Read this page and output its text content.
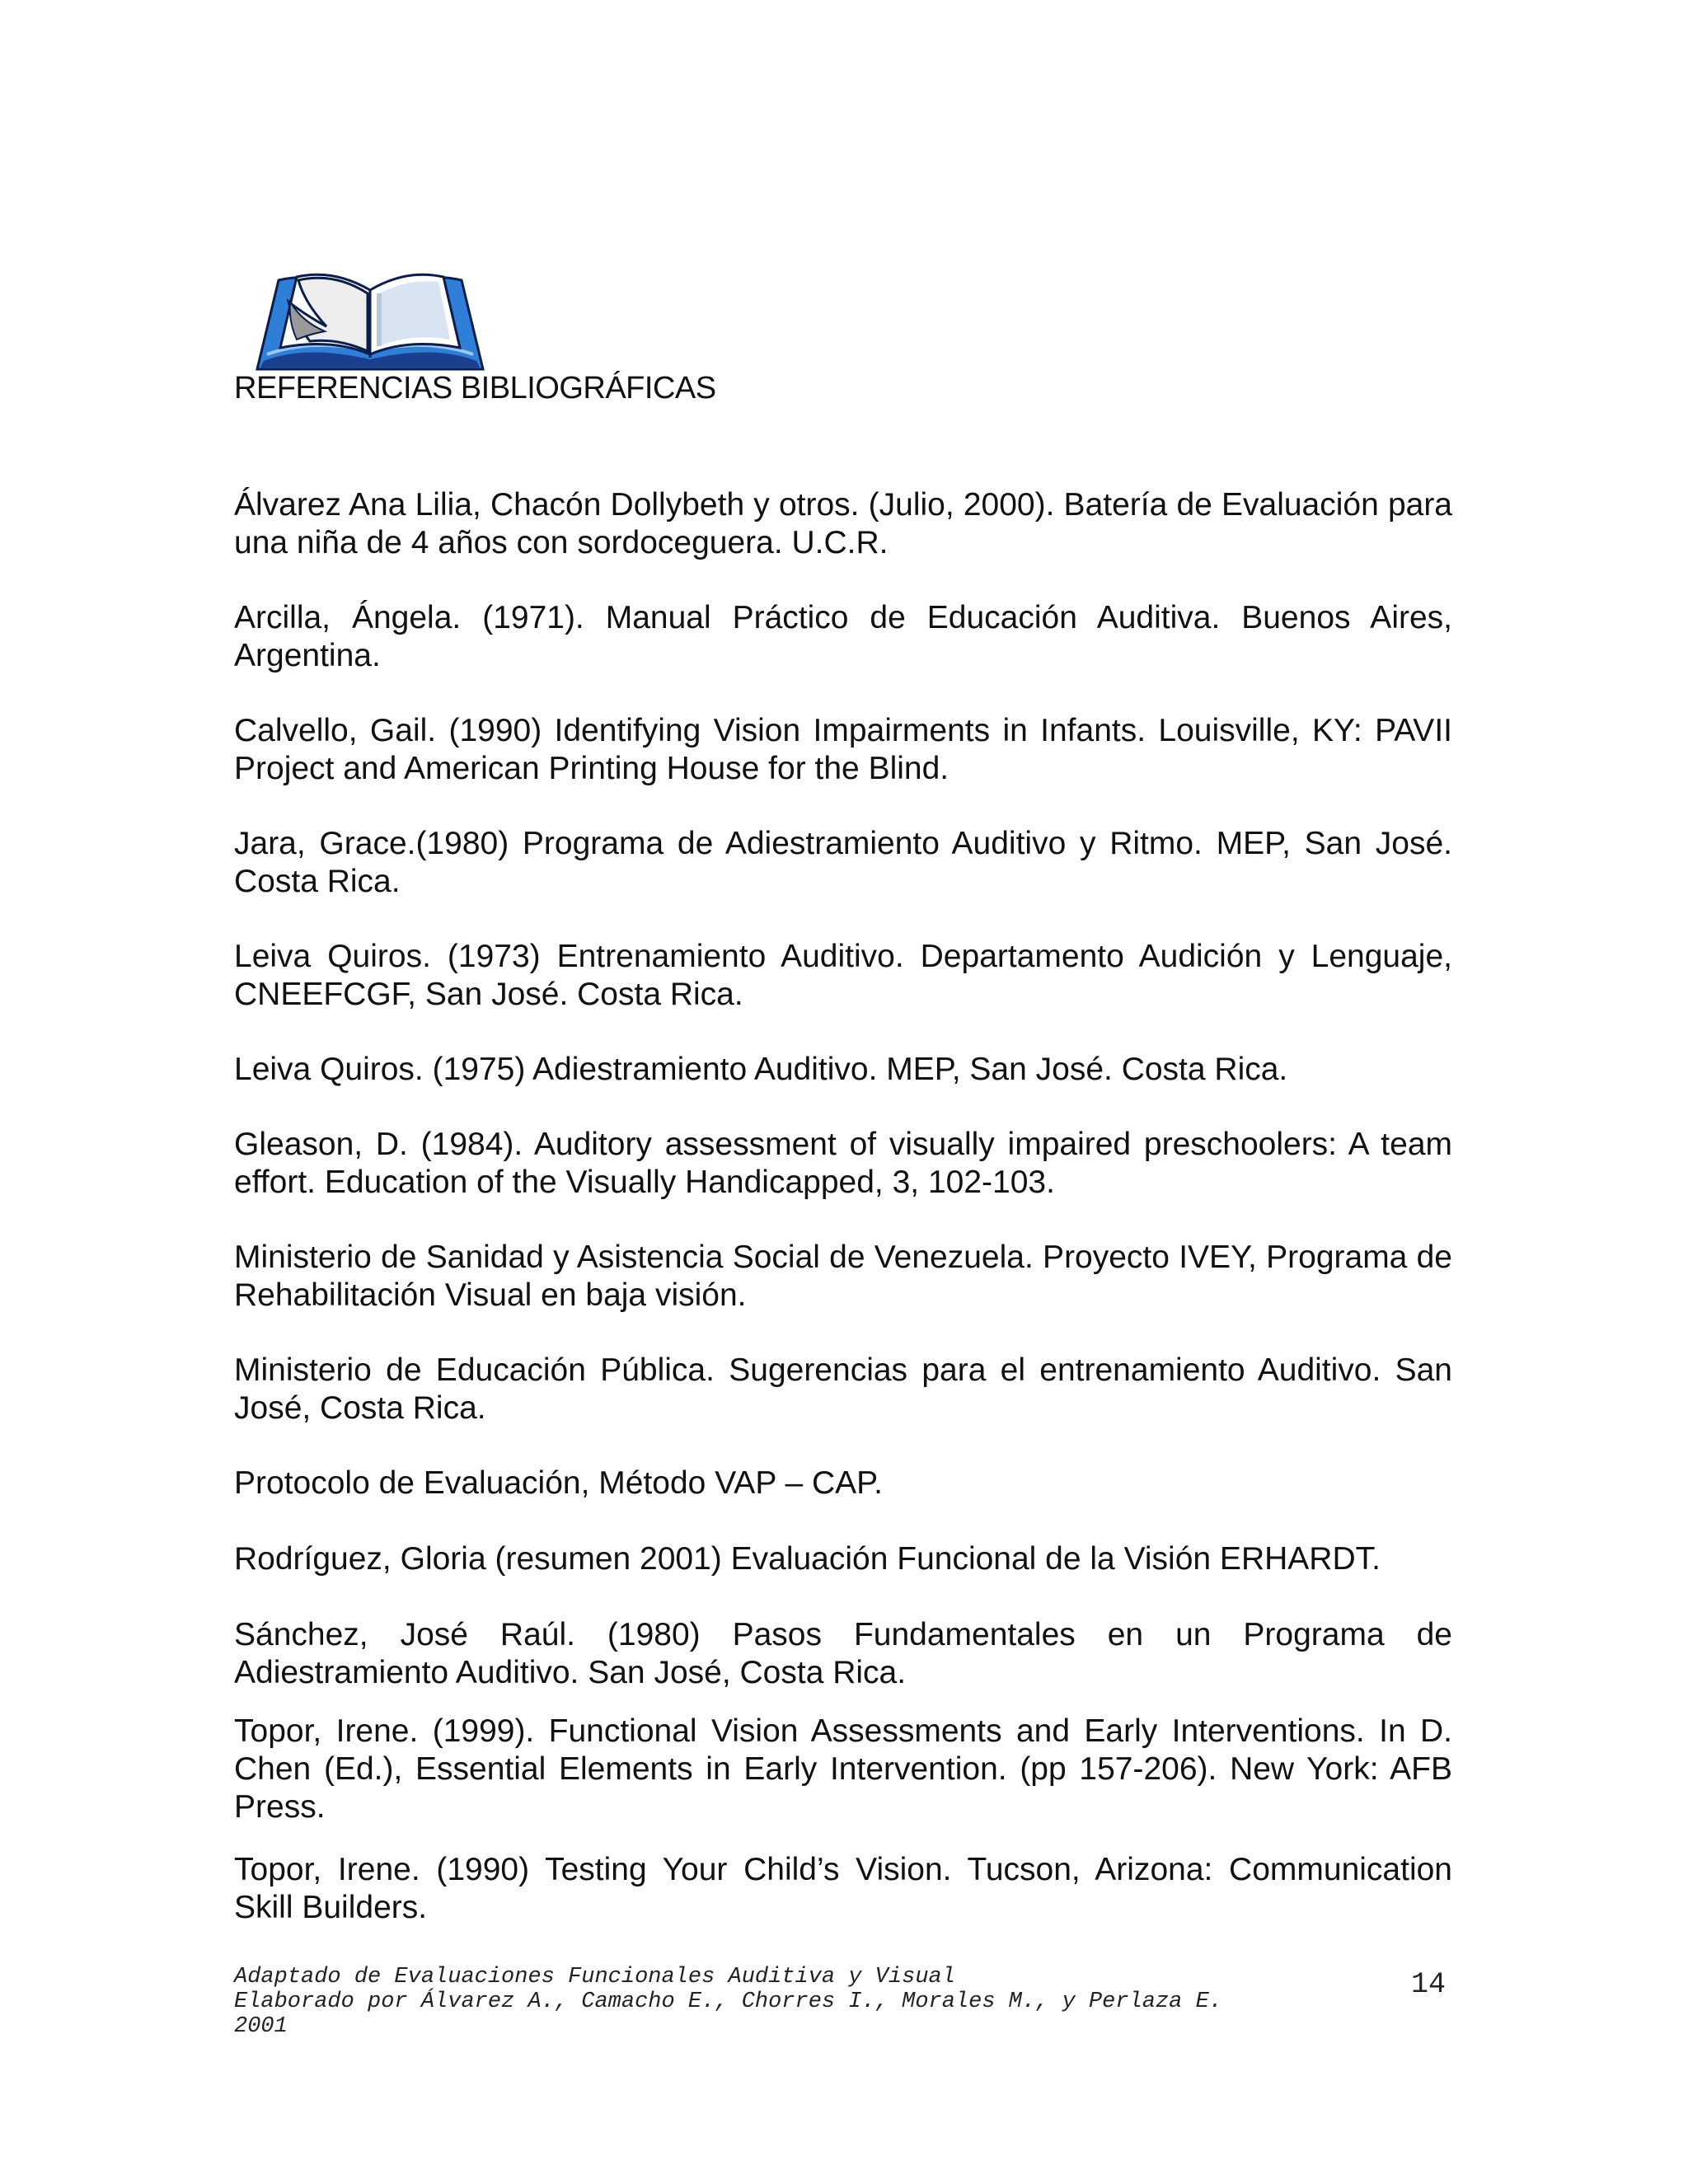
REFERENCIAS BIBLIOGRÁFICAS

Álvarez Ana Lilia, Chacón Dollybeth y otros. (Julio, 2000). Batería de Evaluación para una niña de 4 años con sordoceguera. U.C.R.

Arcilla, Ángela. (1971). Manual Práctico de Educación Auditiva. Buenos Aires, Argentina.

Calvello, Gail. (1990) Identifying Vision Impairments in Infants. Louisville, KY: PAVII Project and American Printing House for the Blind.

Jara, Grace.(1980) Programa de Adiestramiento Auditivo y Ritmo. MEP, San José. Costa Rica.

Leiva Quiros. (1973) Entrenamiento Auditivo. Departamento Audición y Lenguaje, CNEEFCGF, San José. Costa Rica.

Leiva Quiros. (1975) Adiestramiento Auditivo. MEP, San José. Costa Rica.

Gleason, D. (1984). Auditory assessment of visually impaired preschoolers: A team effort. Education of the Visually Handicapped, 3, 102-103.

Ministerio de Sanidad y Asistencia Social de Venezuela. Proyecto IVEY, Programa de Rehabilitación Visual en baja visión.

Ministerio de Educación Pública. Sugerencias para el entrenamiento Auditivo. San José, Costa Rica.

Protocolo de Evaluación, Método VAP – CAP.

Rodríguez, Gloria (resumen 2001) Evaluación Funcional de la Visión ERHARDT.

Sánchez, José Raúl. (1980) Pasos Fundamentales en un Programa de Adiestramiento Auditivo. San José, Costa Rica.

Topor, Irene. (1999). Functional Vision Assessments and Early Interventions. In D. Chen (Ed.), Essential Elements in Early Intervention. (pp 157-206). New York: AFB Press.

Topor, Irene. (1990) Testing Your Child’s Vision. Tucson, Arizona: Communication Skill Builders.

Adaptado de Evaluaciones Funcionales Auditiva y Visual
Elaborado por Álvarez A., Camacho E., Chorres I., Morales M., y Perlaza E.
2001
14
